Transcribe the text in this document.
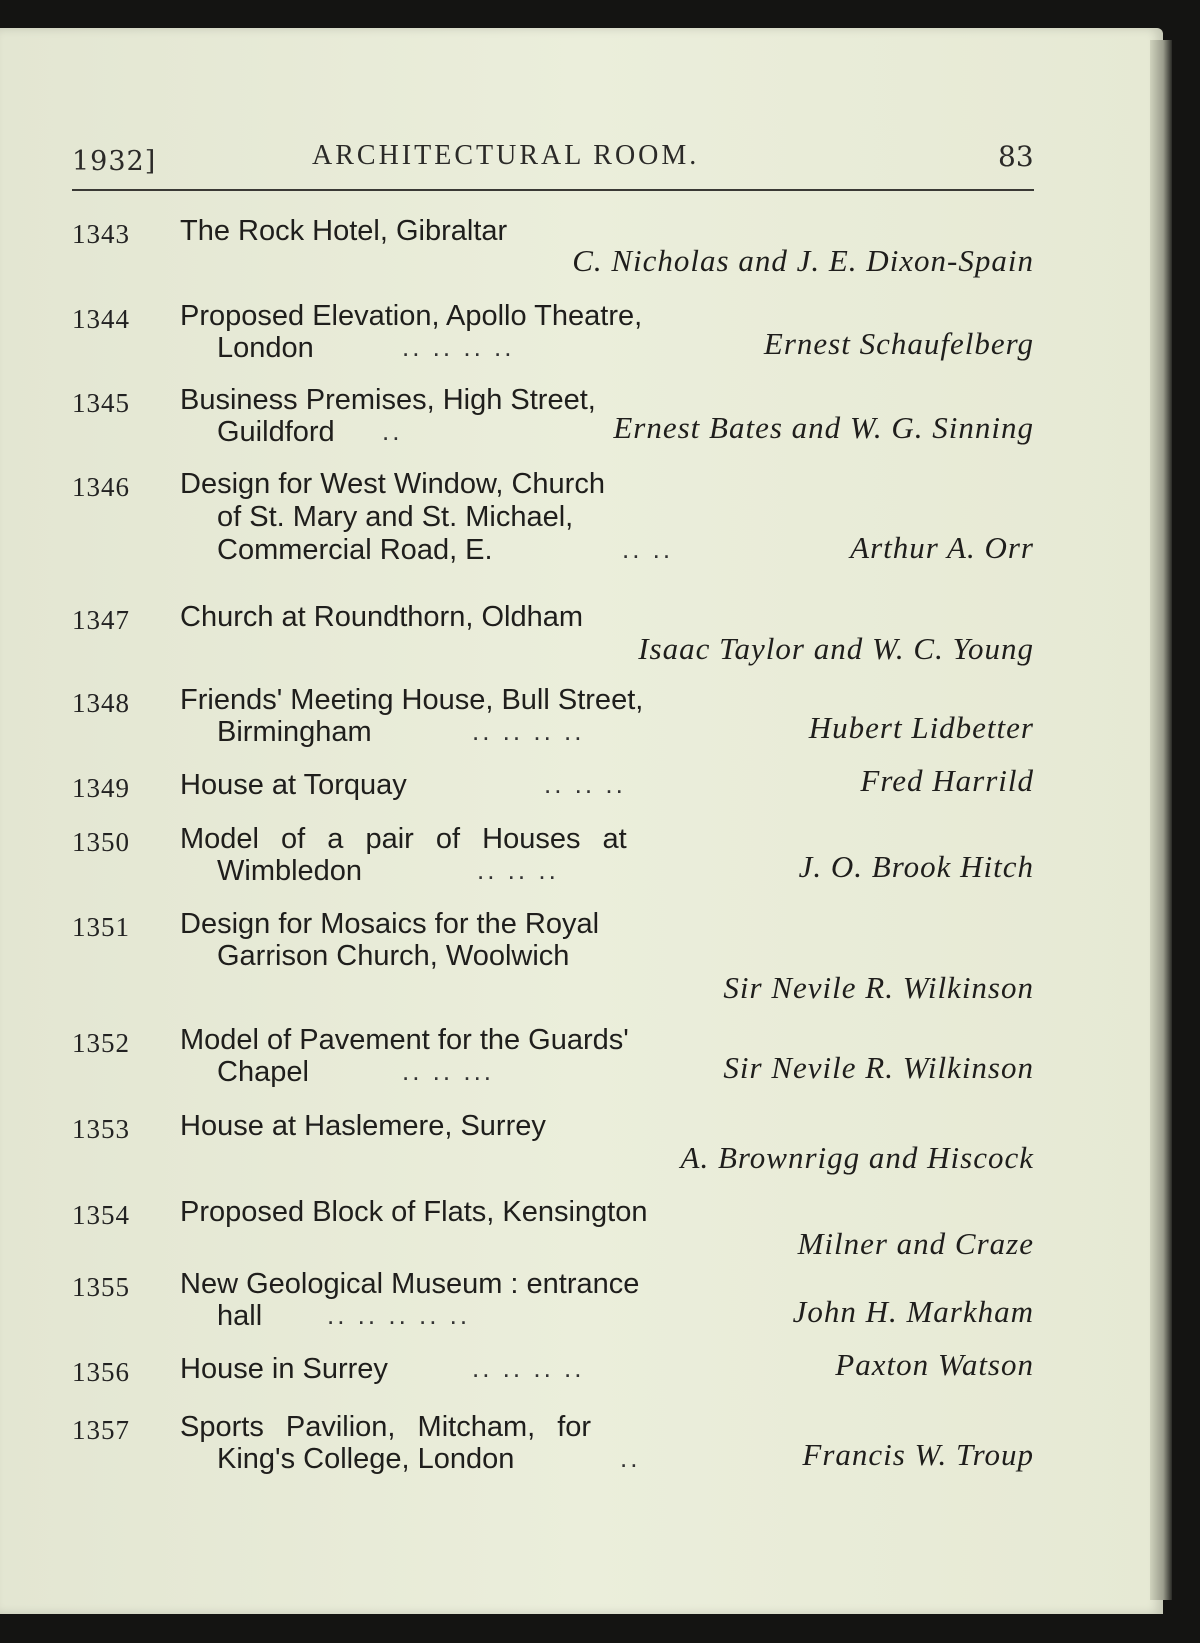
1932]	ARCHITECTURAL ROOM.	83
1343 The Rock Hotel, Gibraltar
C. Nicholas and J. E. Dixon-Spain
1344 Proposed Elevation, Apollo Theatre,
London	.. .. .. ..	Ernest Schaufelberg
1345 Business Premises, High Street,
Guildford ..	Ernest Bates and W. G. Sinning
1346 Design for West Window, Church
of St. Mary and St. Michael,
Commercial Road, E.	.. ..	Arthur A. Orr
1347 Church at Roundthorn, Oldham
Isaac Taylor and W. C. Young
1348 Friends' Meeting House, Bull Street,
Birmingham	.. .. .. ..	Hubert Lidbetter
1349 House at Torquay	.. .. ..	Fred Harrild
1350 Model of a pair of Houses at
Wimbledon	.. .. ..	J. O. Brook Hitch
1351 Design for Mosaics for the Royal
Garrison Church, Woolwich
Sir Nevile R. Wilkinson
1352 Model of Pavement for the Guards'
Chapel	.. .. ...	Sir Nevile R. Wilkinson
1353 House at Haslemere, Surrey
A. Brownrigg and Hiscock
1354 Proposed Block of Flats, Kensington
Milner and Craze
1355 New Geological Museum : entrance
hall .. .. .. .. ..	John H. Markham
1356 House in Surrey	.. .. .. ..	Paxton Watson
1357 Sports Pavilion, Mitcham, for
King's College, London	..	Francis W. Troup
